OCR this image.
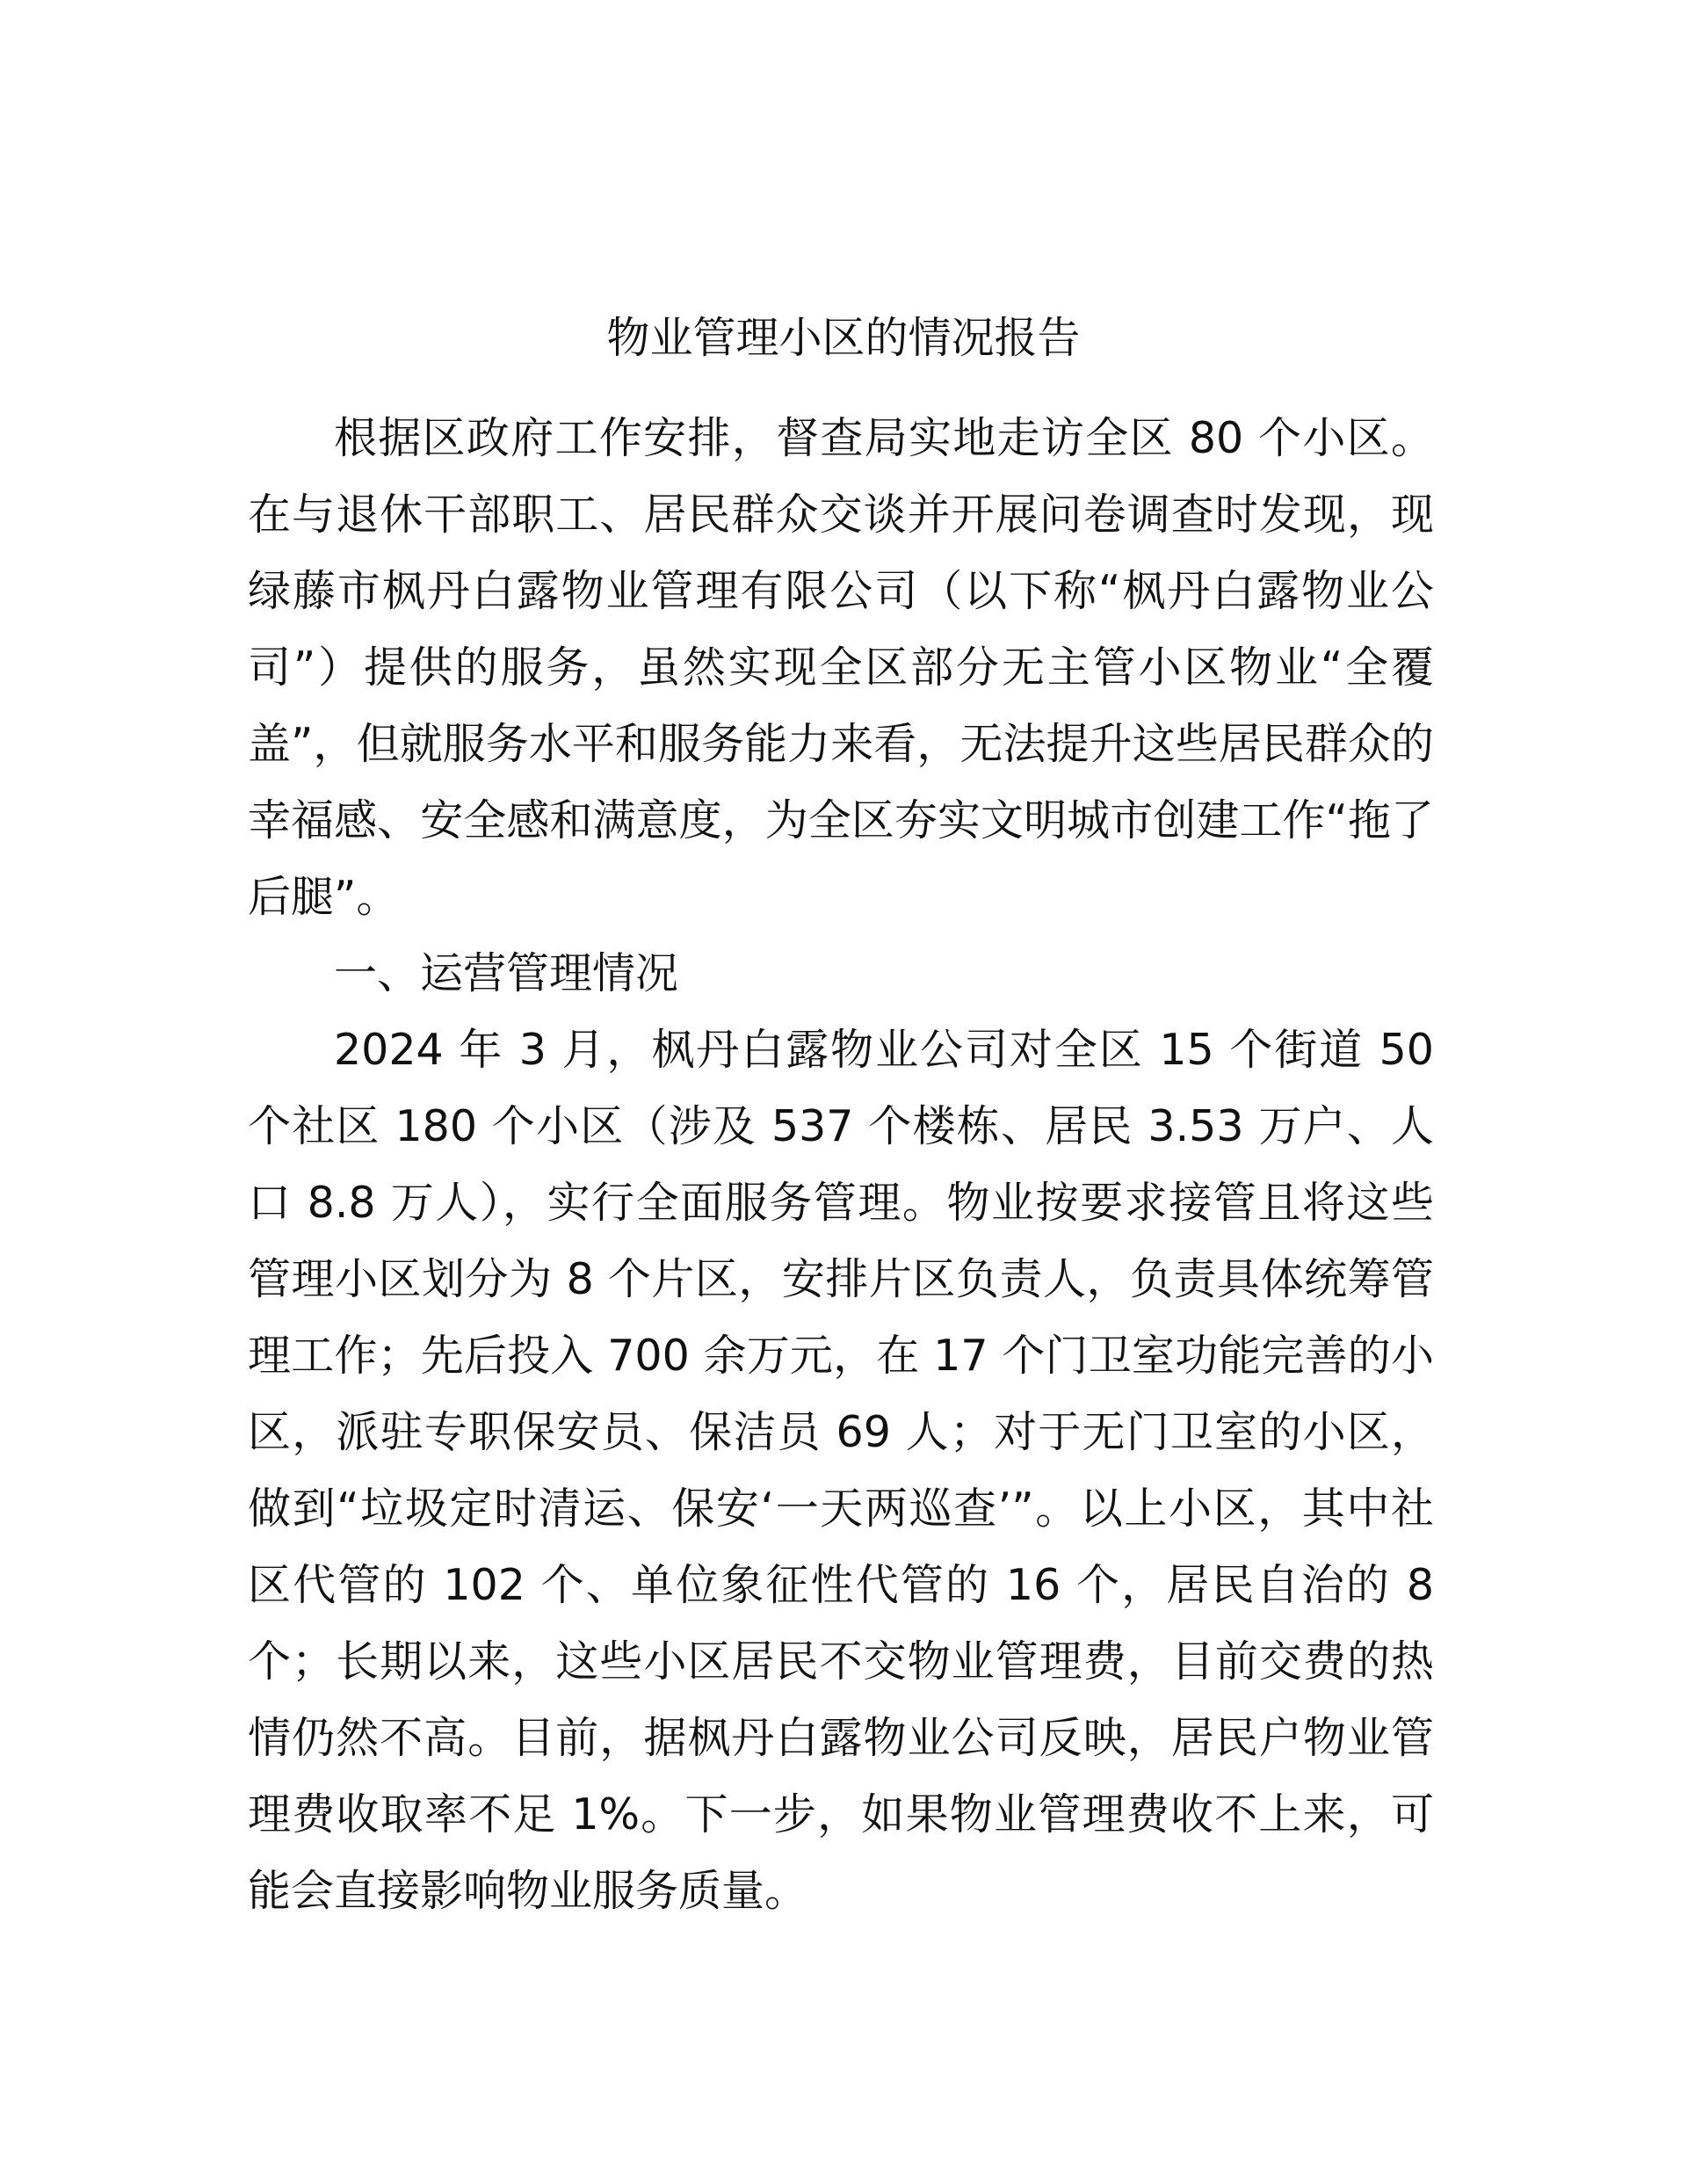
物业管理小区的情况报告

根据区政府工作安排，督查局实地走访全区 80 个小区。在与退休干部职工、居民群众交谈并开展问卷调查时发现，现绿藤市枫丹白露物业管理有限公司（以下称“枫丹白露物业公司”）提供的服务，虽然实现全区部分无主管小区物业“全覆盖”，但就服务水平和服务能力来看，无法提升这些居民群众的幸福感、安全感和满意度，为全区夯实文明城市创建工作“拖了后腿”。

一、运营管理情况

2024 年 3 月，枫丹白露物业公司对全区 15 个街道 50 个社区 180 个小区（涉及 537 个楼栋、居民 3.53 万户、人口 8.8 万人），实行全面服务管理。物业按要求接管且将这些管理小区划分为 8 个片区，安排片区负责人，负责具体统筹管理工作；先后投入 700 余万元，在 17 个门卫室功能完善的小区，派驻专职保安员、保洁员 69 人；对于无门卫室的小区，做到“垃圾定时清运、保安‘一天两巡查’”。以上小区，其中社区代管的 102 个、单位象征性代管的 16 个，居民自治的 8 个；长期以来，这些小区居民不交物业管理费，目前交费的热情仍然不高。目前，据枫丹白露物业公司反映，居民户物业管理费收取率不足 1%。下一步，如果物业管理费收不上来，可能会直接影响物业服务质量。
